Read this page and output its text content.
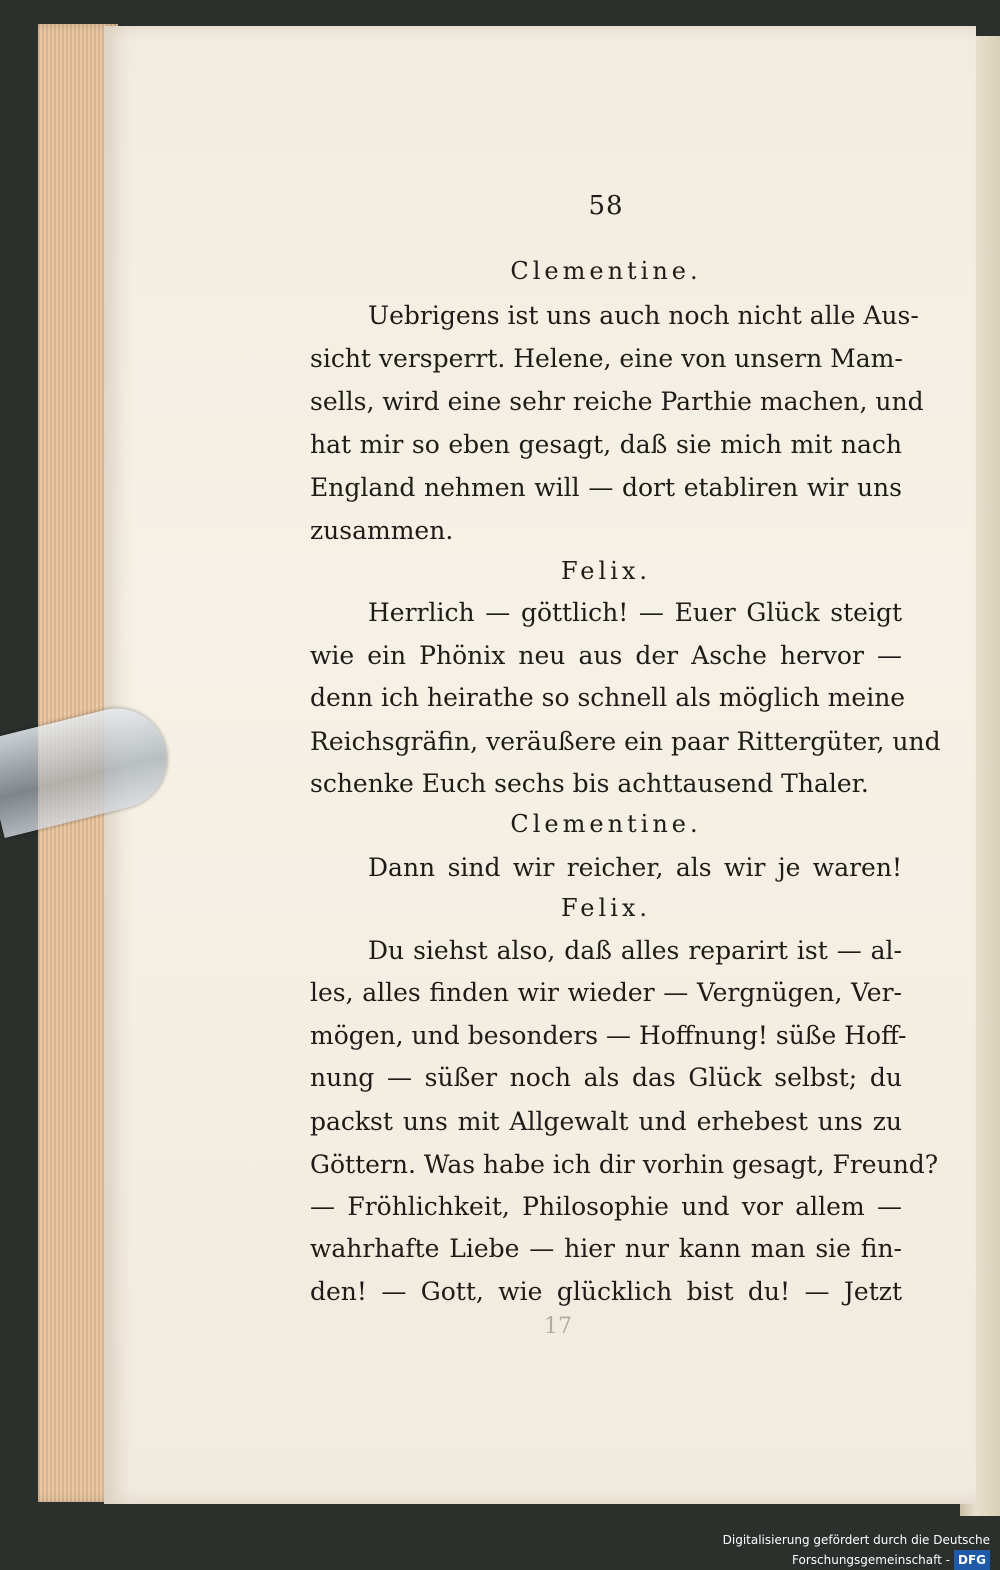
58
Clementine.
Uebrigens ist uns auch noch nicht alle Aus-
sicht versperrt. Helene, eine von unsern Mam-
sells, wird eine sehr reiche Parthie machen, und
hat mir so eben gesagt, daß sie mich mit nach
England nehmen will — dort etabliren wir uns
zusammen.
Felix.
Herrlich — göttlich! — Euer Glück steigt
wie ein Phönix neu aus der Asche hervor —
denn ich heirathe so schnell als möglich meine
Reichsgräfin, veräußere ein paar Rittergüter, und
schenke Euch sechs bis achttausend Thaler.
Clementine.
Dann sind wir reicher, als wir je waren!
Felix.
Du siehst also, daß alles reparirt ist — al-
les, alles finden wir wieder — Vergnügen, Ver-
mögen, und besonders — Hoffnung! süße Hoff-
nung — süßer noch als das Glück selbst; du
packst uns mit Allgewalt und erhebest uns zu
Göttern. Was habe ich dir vorhin gesagt, Freund?
— Fröhlichkeit, Philosophie und vor allem —
wahrhafte Liebe — hier nur kann man sie fin-
den! — Gott, wie glücklich bist du! — Jetzt
17
Digitalisierung gefördert durch die Deutsche Forschungsgemeinschaft - DFG
